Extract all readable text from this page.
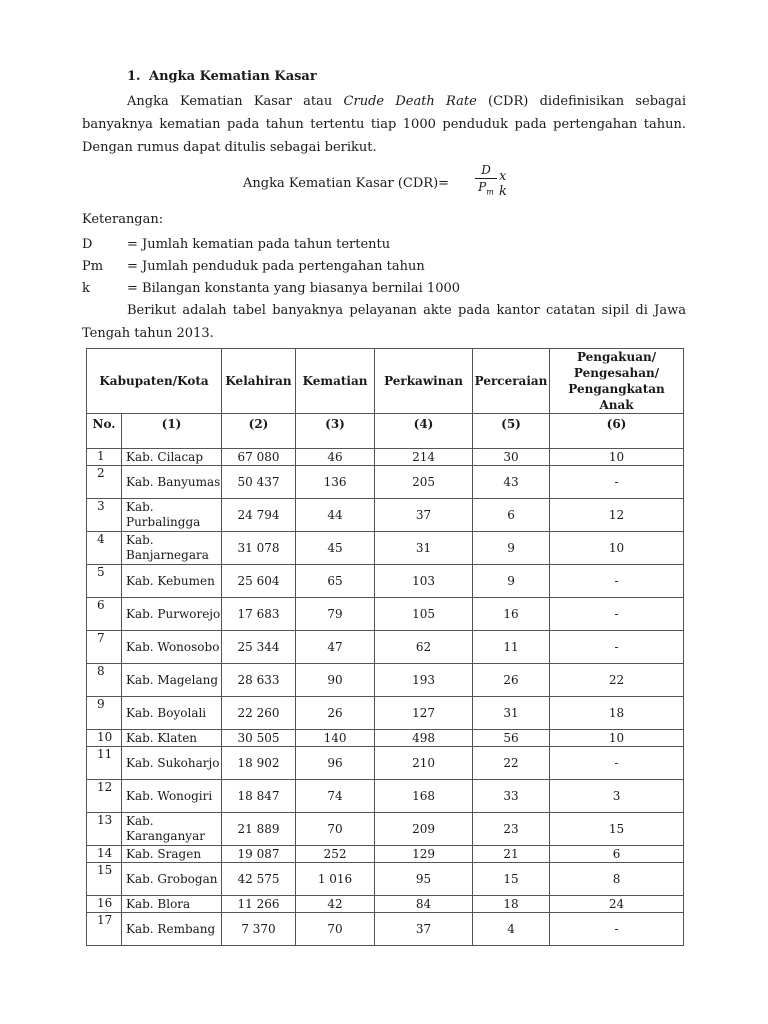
1. Angka Kematian Kasar
Angka Kematian Kasar atau Crude Death Rate (CDR) didefinisikan sebagai banyaknya kematian pada tahun tertentu tiap 1000 penduduk pada pertengahan tahun. Dengan rumus dapat ditulis sebagai berikut.
Angka Kematian Kasar (CDR) =
D
$P_m$
x k
Keterangan:
D	= Jumlah kematian pada tahun tertentu
Pm = Jumlah penduduk pada pertengahan tahun
k	= Bilangan konstanta yang biasanya bernilai 1000
Berikut adalah tabel banyaknya pelayanan akte pada kantor catatan sipil di Jawa Tengah tahun 2013.
Kabupaten/Kota		Kelahiran	Kematian	Perkawinan	Perceraian	Pengakuan/ Pengesahan/ Pengangkatan Anak
No.	(1)	(2)	(3)	(4)	(5)	(6)
1	Kab. Cilacap	67 080	46	214	30	10
2	Kab. Banyumas	50 437	136	205	43	-
3	Kab. Purbalingga	24 794	44	37	6	12
4	Kab. Banjarnegara	31 078	45	31	9	10
5	Kab. Kebumen	25 604	65	103	9	-
6	Kab. Purworejo	17 683	79	105	16	-
7	Kab. Wonosobo	25 344	47	62	11	-
8	Kab. Magelang	28 633	90	193	26	22
9	Kab. Boyolali	22 260	26	127	31	18
10	Kab. Klaten	30 505	140	498	56	10
11	Kab. Sukoharjo	18 902	96	210	22	-
12	Kab. Wonogiri	18 847	74	168	33	3
13	Kab. Karanganyar	21 889	70	209	23	15
14	Kab. Sragen	19 087	252	129	21	6
15	Kab. Grobogan	42 575	1 016	95	15	8
16	Kab. Blora	11 266	42	84	18	24
17	Kab. Rembang	7 370	70	37	4	-
